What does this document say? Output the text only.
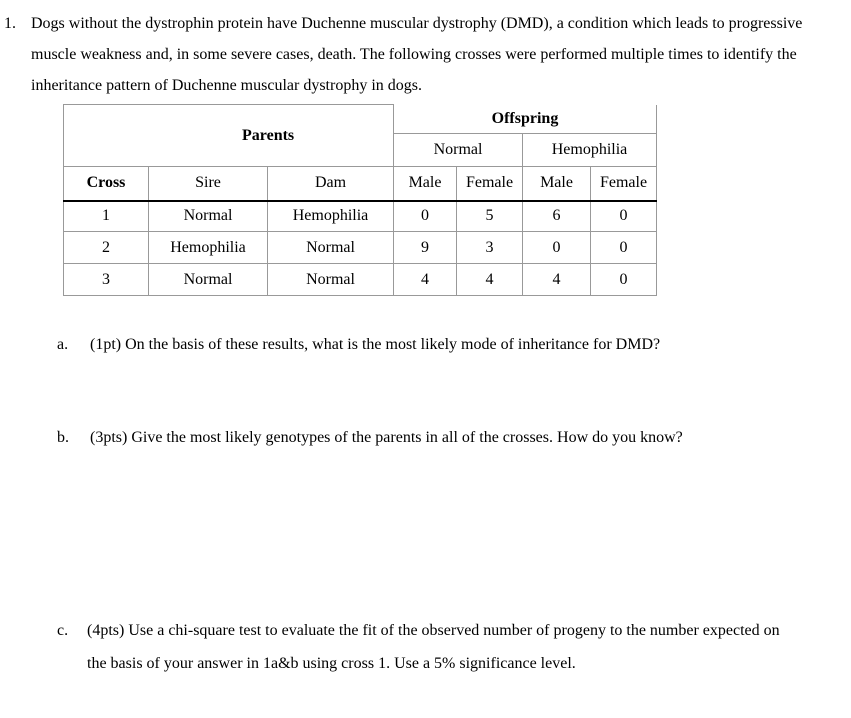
1. Dogs without the dystrophin protein have Duchenne muscular dystrophy (DMD), a condition which leads to progressive muscle weakness and, in some severe cases, death. The following crosses were performed multiple times to identify the inheritance pattern of Duchenne muscular dystrophy in dogs.
Parents			Offspring			
			Normal		Hemophilia	
Cross	Sire	Dam	Male	Female	Male	Female
1	Normal	Hemophilia	0	5	6	0
2	Hemophilia	Normal	9	3	0	0
3	Normal	Normal	4	4	4	0
a. (1pt) On the basis of these results, what is the most likely mode of inheritance for DMD?
b. (3pts) Give the most likely genotypes of the parents in all of the crosses. How do you know?
c.	(4pts) Use a chi-square test to evaluate the fit of the observed number of progeny to the number expected on the basis of your answer in 1a&b using cross 1. Use a 5% significance level.
